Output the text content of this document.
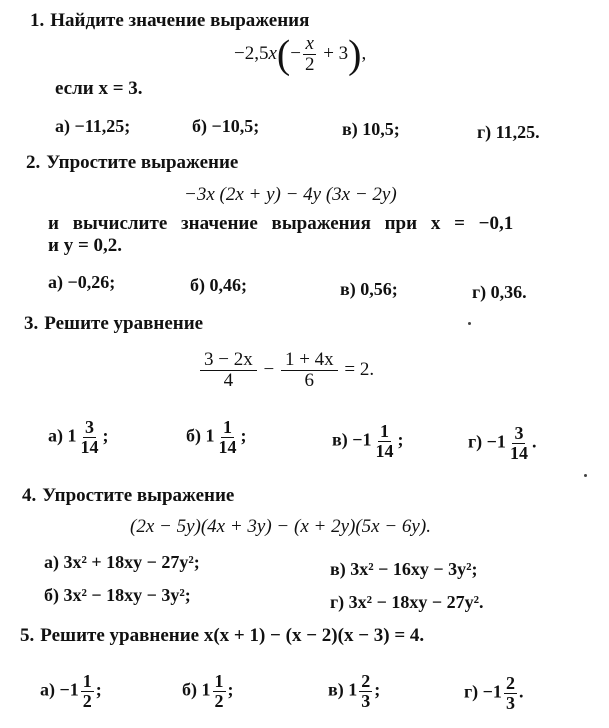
1. Найдите значение выражения
$-2,5x(- \frac{x}{2} + 3)$,
если x = 3.
а) −11,25;	б) −10,5;	в) 10,5;	г) 11,25.
2. Упростите выражение
−3x (2x + y) − 4y (3x − 2y)
и вычислите значение выражения при x = −0,1
и y = 0,2.
а) −0,26;	б) 0,46;	в) 0,56;	г) 0,36.
3. Решите уравнение
$\frac{3 - 2x}{4} - \frac{1 + 4x}{6} = 2$.
а) $1 \frac{3}{14}$ ;	б) $1 \frac{1}{14}$ ;	$в) -1 \frac{1}{14}$ ;	$г) -1 \frac{3}{14}$ .
4. Упростите выражение
(2x − 5y)(4x + 3y) − (x + 2y)(5x − 6y).
а) 3x² + 18xy − 27y²;	в) 3x² − 16xy − 3y²;
б) 3x² − 18xy − 3y²;	г) 3x² − 18xy − 27y².
5. Решите уравнение x(x + 1) − (x − 2)(x − 3) = 4.
$а) -1 \frac{1}{2}$ ;	б) $1 \frac{1}{2}$ ;	в) $1 \frac{2}{3}$ ;	$г) -1 \frac{2}{3}$ .
